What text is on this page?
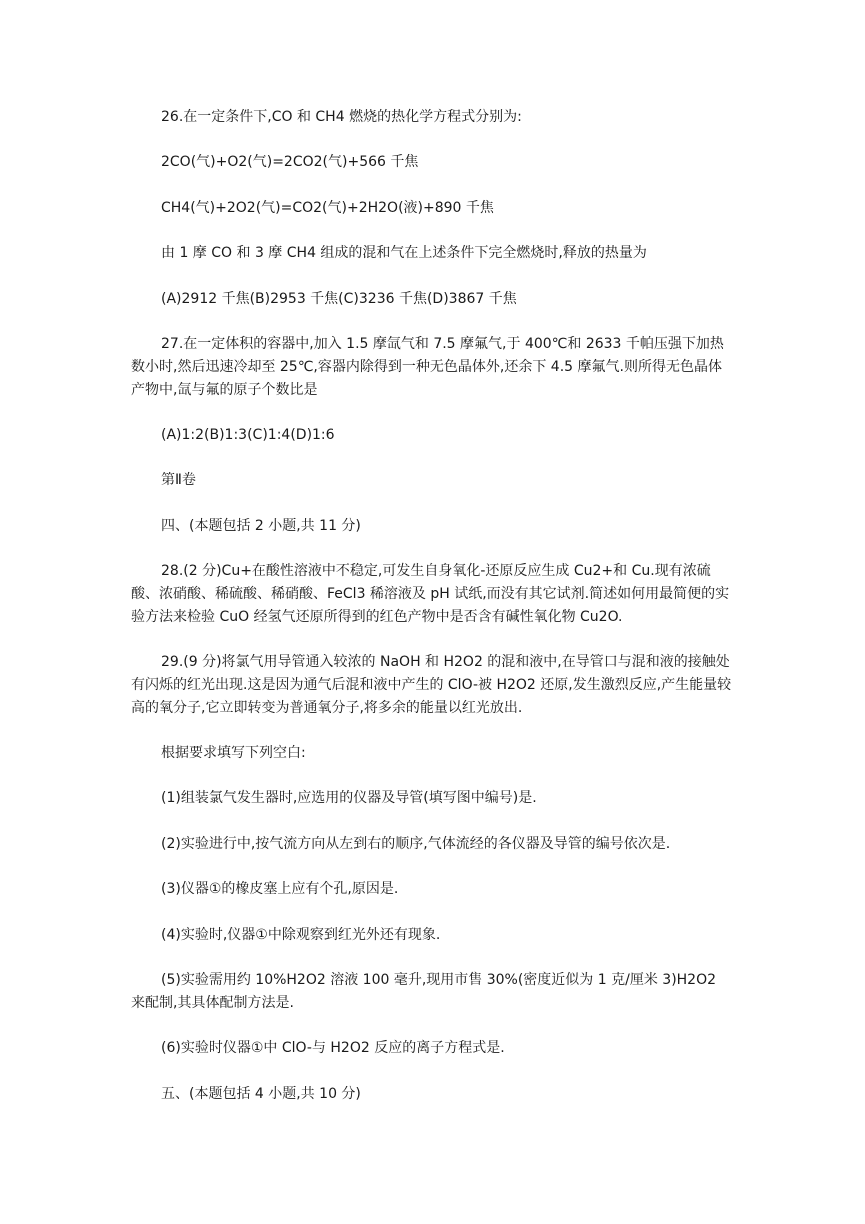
26.在一定条件下,CO 和 CH4 燃烧的热化学方程式分别为:

2CO(气)+O2(气)=2CO2(气)+566 千焦

CH4(气)+2O2(气)=CO2(气)+2H2O(液)+890 千焦

由 1 摩 CO 和 3 摩 CH4 组成的混和气在上述条件下完全燃烧时,释放的热量为

(A)2912 千焦(B)2953 千焦(C)3236 千焦(D)3867 千焦

27.在一定体积的容器中,加入 1.5 摩氙气和 7.5 摩氟气,于 400℃和 2633 千帕压强下加热数小时,然后迅速冷却至 25℃,容器内除得到一种无色晶体外,还余下 4.5 摩氟气.则所得无色晶体产物中,氙与氟的原子个数比是

(A)1:2(B)1:3(C)1:4(D)1:6

第Ⅱ卷

四、(本题包括 2 小题,共 11 分)

28.(2 分)Cu+在酸性溶液中不稳定,可发生自身氧化-还原反应生成 Cu2+和 Cu.现有浓硫酸、浓硝酸、稀硫酸、稀硝酸、FeCl3 稀溶液及 pH 试纸,而没有其它试剂.简述如何用最简便的实验方法来检验 CuO 经氢气还原所得到的红色产物中是否含有碱性氧化物 Cu2O.

29.(9 分)将氯气用导管通入较浓的 NaOH 和 H2O2 的混和液中,在导管口与混和液的接触处有闪烁的红光出现.这是因为通气后混和液中产生的 ClO-被 H2O2 还原,发生激烈反应,产生能量较高的氧分子,它立即转变为普通氧分子,将多余的能量以红光放出.

根据要求填写下列空白:

(1)组装氯气发生器时,应选用的仪器及导管(填写图中编号)是.

(2)实验进行中,按气流方向从左到右的顺序,气体流经的各仪器及导管的编号依次是.

(3)仪器①的橡皮塞上应有个孔,原因是.

(4)实验时,仪器①中除观察到红光外还有现象.

(5)实验需用约 10%H2O2 溶液 100 毫升,现用市售 30%(密度近似为 1 克/厘米 3)H2O2 来配制,其具体配制方法是.

(6)实验时仪器①中 ClO-与 H2O2 反应的离子方程式是.

五、(本题包括 4 小题,共 10 分)
